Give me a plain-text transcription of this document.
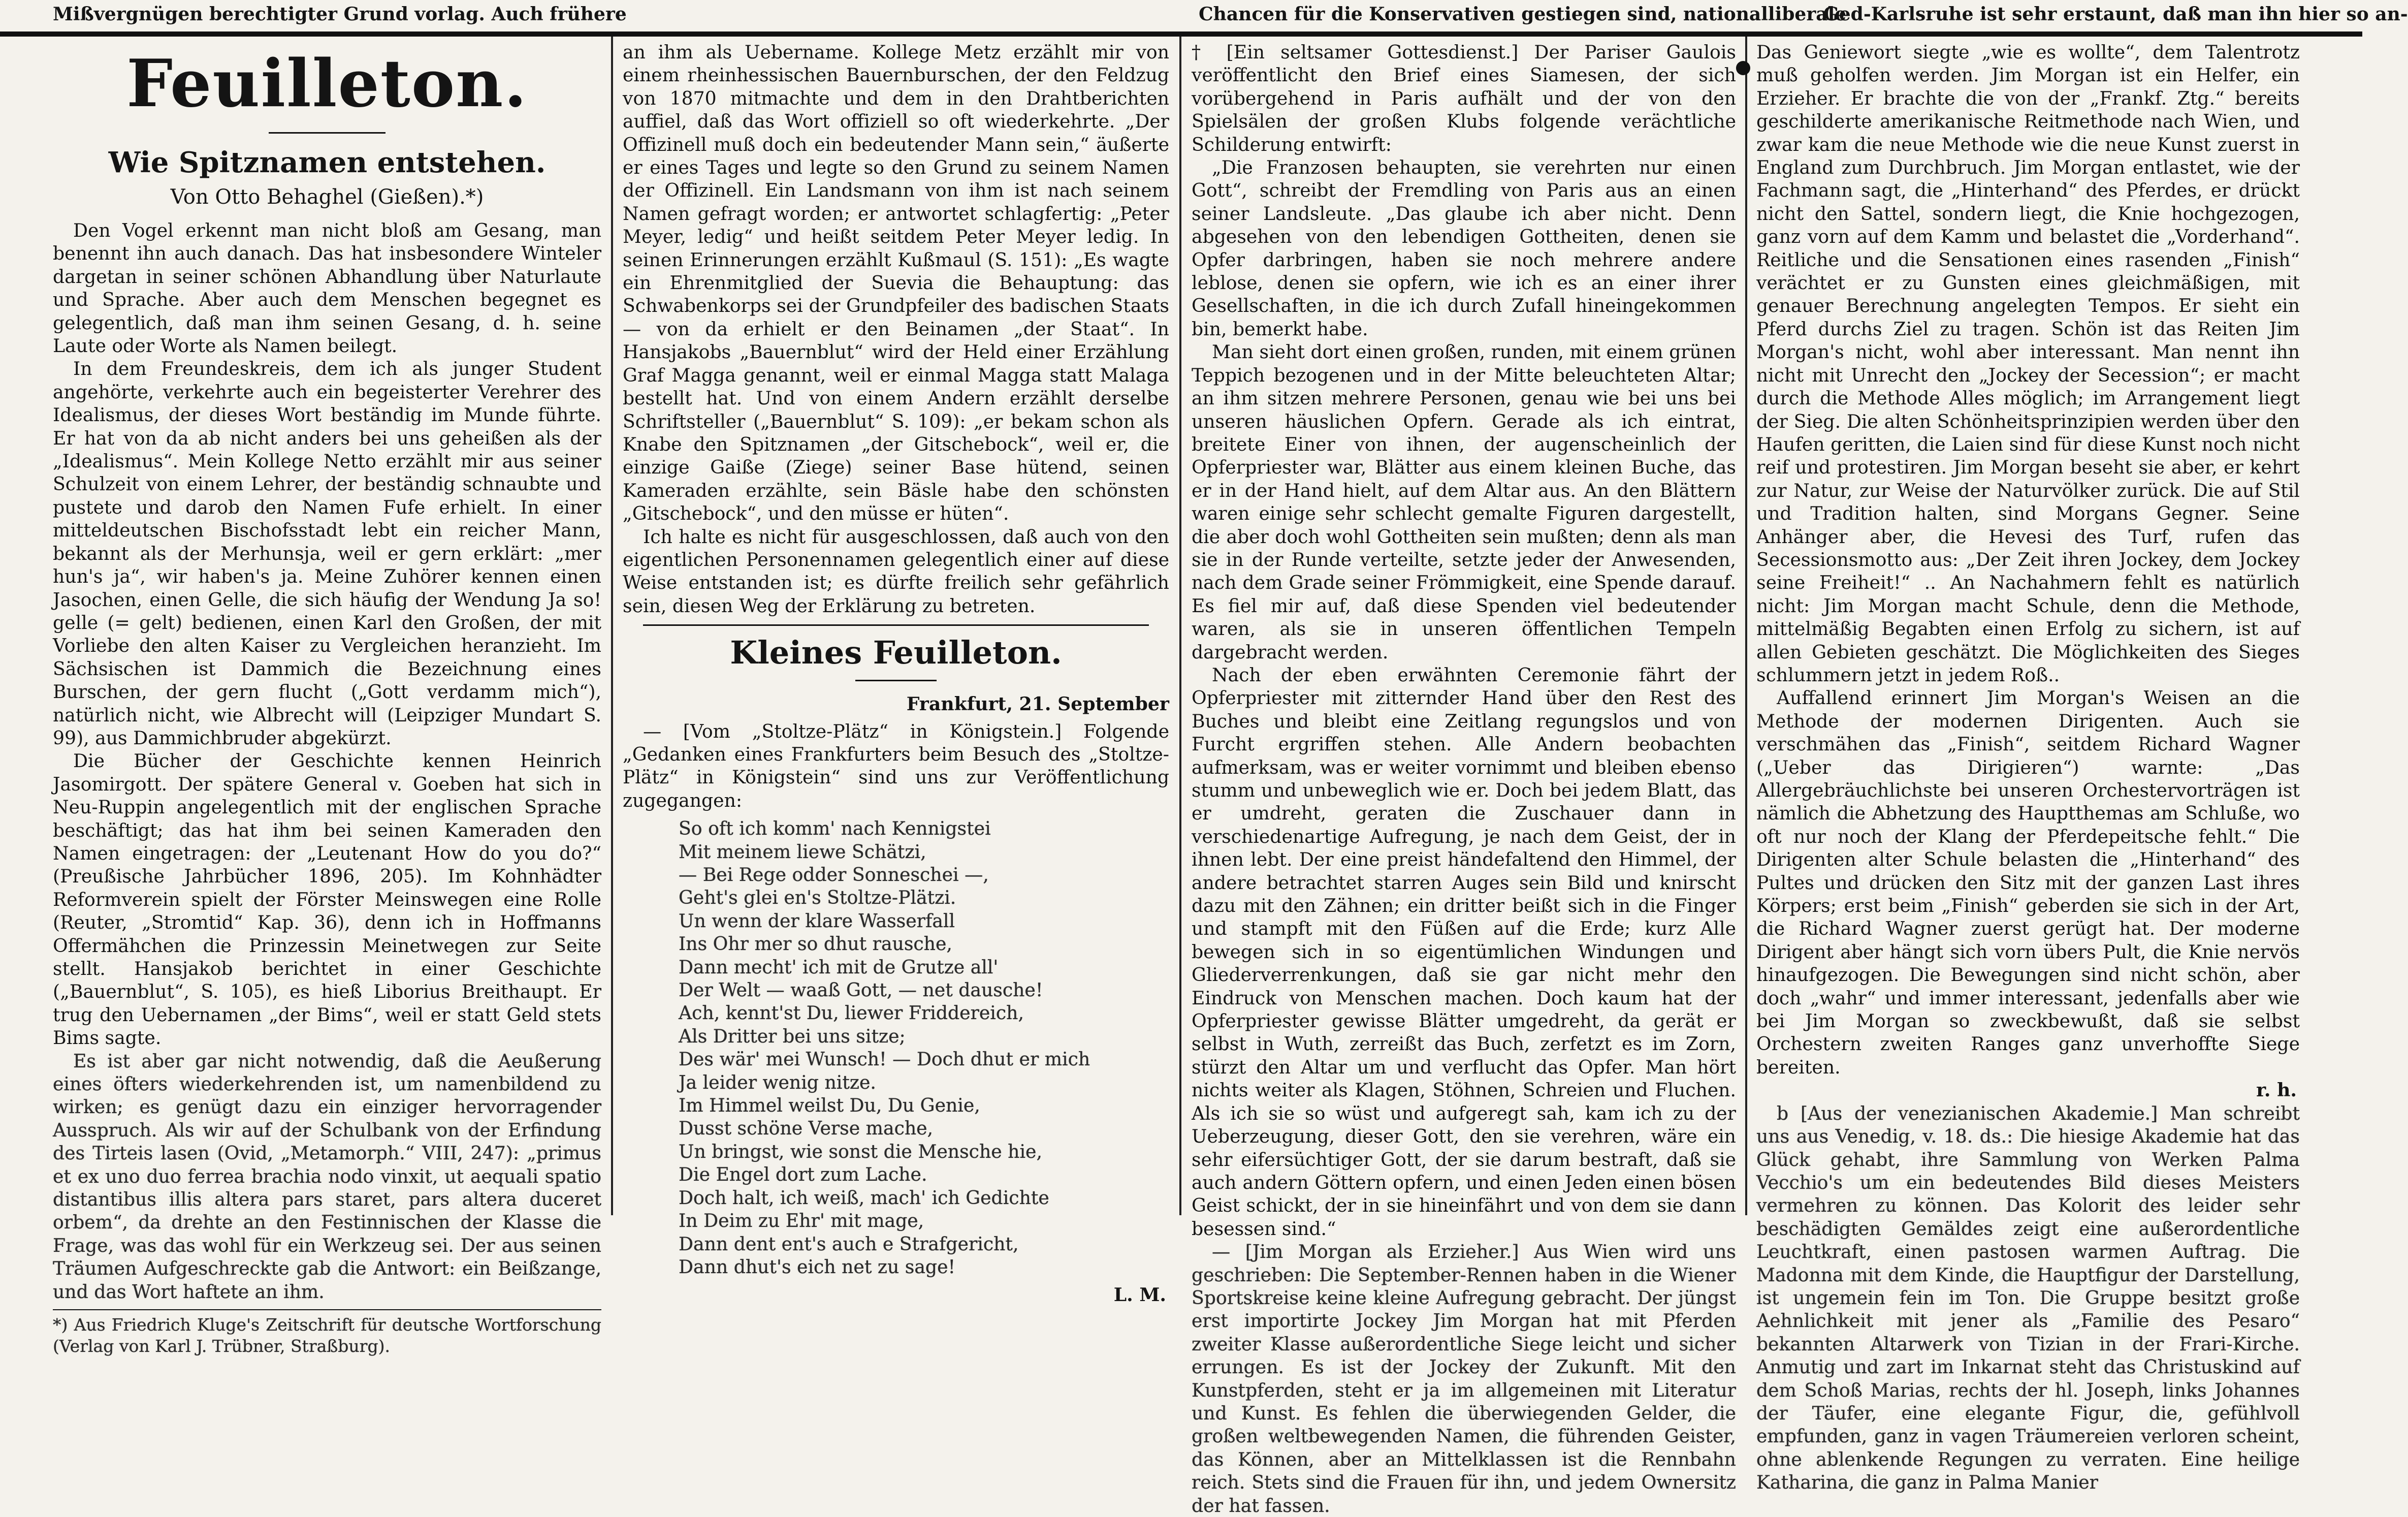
Mißvergnügen berechtigter Grund vorlag. Auch frühere	Chancen für die Konservativen gestiegen sind, nationalliberale
Ged-Karlsruhe ist sehr erstaunt, daß man ihn hier so an-
Feuilleton.
Wie Spitznamen entstehen.
Von Otto Behaghel (Gießen).*)

Den Vogel erkennt man nicht bloß am Gesang, man benennt ihn auch danach. Das hat insbesondere Winteler dargetan in seiner schönen Abhandlung über Naturlaute und Sprache. Aber auch dem Menschen begegnet es gelegentlich, daß man ihm seinen Gesang, d. h. seine Laute oder Worte als Namen beilegt.

In dem Freundeskreis, dem ich als junger Student angehörte, verkehrte auch ein begeisterter Verehrer des Idealismus, der dieses Wort beständig im Munde führte. Er hat von da ab nicht anders bei uns geheißen als der „Idealismus“. Mein Kollege Netto erzählt mir aus seiner Schulzeit von einem Lehrer, der beständig schnaubte und pustete und darob den Namen Fufe erhielt. In einer mitteldeutschen Bischofsstadt lebt ein reicher Mann, bekannt als der Merhunsja, weil er gern erklärt: „mer hun's ja“, wir haben's ja. Meine Zuhörer kennen einen Jasochen, einen Gelle, die sich häufig der Wendung Ja so! gelle (= gelt) bedienen, einen Karl den Großen, der mit Vorliebe den alten Kaiser zu Vergleichen heranzieht. Im Sächsischen ist Dammich die Bezeichnung eines Burschen, der gern flucht („Gott verdamm mich“), natürlich nicht, wie Albrecht will (Leipziger Mundart S. 99), aus Dammichbruder abgekürzt.

Die Bücher der Geschichte kennen Heinrich Jasomirgott. Der spätere General v. Goeben hat sich in Neu-Ruppin angelegentlich mit der englischen Sprache beschäftigt; das hat ihm bei seinen Kameraden den Namen eingetragen: der „Leutenant How do you do?“ (Preußische Jahrbücher 1896, 205). Im Kohnhädter Reformverein spielt der Förster Meinswegen eine Rolle (Reuter, „Stromtid“ Kap. 36), denn ich in Hoffmanns Offermähchen die Prinzessin Meinetwegen zur Seite stellt. Hansjakob berichtet in einer Geschichte („Bauernblut“, S. 105), es hieß Liborius Breithaupt. Er trug den Uebernamen „der Bims“, weil er statt Geld stets Bims sagte.

Es ist aber gar nicht notwendig, daß die Aeußerung eines öfters wiederkehrenden ist, um namenbildend zu wirken; es genügt dazu ein einziger hervorragender Ausspruch. Als wir auf der Schulbank von der Erfindung des Tirteis lasen (Ovid, „Metamorph.“ VIII, 247): „primus et ex uno duo ferrea brachia nodo vinxit, ut aequali spatio distantibus illis altera pars staret, pars altera duceret orbem“, da drehte an den Festinnischen der Klasse die Frage, was das wohl für ein Werkzeug sei. Der aus seinen Träumen Aufgeschreckte gab die Antwort: ein Beißzange, und das Wort haftete an ihm.

*) Aus Friedrich Kluge's Zeitschrift für deutsche Wortforschung (Verlag von Karl J. Trübner, Straßburg).

an ihm als Uebername. Kollege Metz erzählt mir von einem rheinhessischen Bauernburschen, der den Feldzug von 1870 mitmachte und dem in den Drahtberichten auffiel, daß das Wort offiziell so oft wiederkehrte. „Der Offizinell muß doch ein bedeutender Mann sein,“ äußerte er eines Tages und legte so den Grund zu seinem Namen der Offizinell. Ein Landsmann von ihm ist nach seinem Namen gefragt worden; er antwortet schlagfertig: „Peter Meyer, ledig“ und heißt seitdem Peter Meyer ledig. In seinen Erinnerungen erzählt Kußmaul (S. 151): „Es wagte ein Ehrenmitglied der Suevia die Behauptung: das Schwabenkorps sei der Grundpfeiler des badischen Staats — von da erhielt er den Beinamen „der Staat“. In Hansjakobs „Bauernblut“ wird der Held einer Erzählung Graf Magga genannt, weil er einmal Magga statt Malaga bestellt hat. Und von einem Andern erzählt derselbe Schriftsteller („Bauernblut“ S. 109): „er bekam schon als Knabe den Spitznamen „der Gitschebock“, weil er, die einzige Gaiße (Ziege) seiner Base hütend, seinen Kameraden erzählte, sein Bäsle habe den schönsten „Gitschebock“, und den müsse er hüten“.

Ich halte es nicht für ausgeschlossen, daß auch von den eigentlichen Personennamen gelegentlich einer auf diese Weise entstanden ist; es dürfte freilich sehr gefährlich sein, diesen Weg der Erklärung zu betreten.

Kleines Feuilleton.
Frankfurt, 21. September

— [Vom „Stoltze-Plätz“ in Königstein.] Folgende „Gedanken eines Frankfurters beim Besuch des „Stoltze-Plätz“ in Königstein“ sind uns zur Veröffentlichung zugegangen:

So oft ich komm' nach Kennigstei
Mit meinem liewe Schätzi,
— Bei Rege odder Sonneschei —,
Geht's glei en's Stoltze-Plätzi.
Un wenn der klare Wasserfall
Ins Ohr mer so dhut rausche,
Dann mecht' ich mit de Grutze all'
Der Welt — waaß Gott, — net dausche!
Ach, kennt'st Du, liewer Friddereich,
Als Dritter bei uns sitze;
Des wär' mei Wunsch! — Doch dhut er mich
Ja leider wenig nitze.
Im Himmel weilst Du, Du Genie,
Dusst schöne Verse mache,
Un bringst, wie sonst die Mensche hie,
Die Engel dort zum Lache.
Doch halt, ich weiß, mach' ich Gedichte
In Deim zu Ehr' mit mage,
Dann dent ent's auch e Strafgericht,
Dann dhut's eich net zu sage!
L. M.

† [Ein seltsamer Gottesdienst.] Der Pariser Gaulois veröffentlicht den Brief eines Siamesen, der sich vorübergehend in Paris aufhält und der von den Spielsälen der großen Klubs folgende verächtliche Schilderung entwirft:

„Die Franzosen behaupten, sie verehrten nur einen Gott“, schreibt der Fremdling von Paris aus an einen seiner Landsleute. „Das glaube ich aber nicht. Denn abgesehen von den lebendigen Gottheiten, denen sie Opfer darbringen, haben sie noch mehrere andere leblose, denen sie opfern, wie ich es an einer ihrer Gesellschaften, in die ich durch Zufall hineingekommen bin, bemerkt habe.

Man sieht dort einen großen, runden, mit einem grünen Teppich bezogenen und in der Mitte beleuchteten Altar; an ihm sitzen mehrere Personen, genau wie bei uns bei unseren häuslichen Opfern. Gerade als ich eintrat, breitete Einer von ihnen, der augenscheinlich der Opferpriester war, Blätter aus einem kleinen Buche, das er in der Hand hielt, auf dem Altar aus. An den Blättern waren einige sehr schlecht gemalte Figuren dargestellt, die aber doch wohl Gottheiten sein mußten; denn als man sie in der Runde verteilte, setzte jeder der Anwesenden, nach dem Grade seiner Frömmigkeit, eine Spende darauf. Es fiel mir auf, daß diese Spenden viel bedeutender waren, als sie in unseren öffentlichen Tempeln dargebracht werden.

Nach der eben erwähnten Ceremonie fährt der Opferpriester mit zitternder Hand über den Rest des Buches und bleibt eine Zeitlang regungslos und von Furcht ergriffen stehen. Alle Andern beobachten aufmerksam, was er weiter vornimmt und bleiben ebenso stumm und unbeweglich wie er. Doch bei jedem Blatt, das er umdreht, geraten die Zuschauer dann in verschiedenartige Aufregung, je nach dem Geist, der in ihnen lebt. Der eine preist händefaltend den Himmel, der andere betrachtet starren Auges sein Bild und knirscht dazu mit den Zähnen; ein dritter beißt sich in die Finger und stampft mit den Füßen auf die Erde; kurz Alle bewegen sich in so eigentümlichen Windungen und Gliederverrenkungen, daß sie gar nicht mehr den Eindruck von Menschen machen. Doch kaum hat der Opferpriester gewisse Blätter umgedreht, da gerät er selbst in Wuth, zerreißt das Buch, zerfetzt es im Zorn, stürzt den Altar um und verflucht das Opfer. Man hört nichts weiter als Klagen, Stöhnen, Schreien und Fluchen. Als ich sie so wüst und aufgeregt sah, kam ich zu der Ueberzeugung, dieser Gott, den sie verehren, wäre ein sehr eifersüchtiger Gott, der sie darum bestraft, daß sie auch andern Göttern opfern, und einen Jeden einen bösen Geist schickt, der in sie hineinfährt und von dem sie dann besessen sind.“

— [Jim Morgan als Erzieher.] Aus Wien wird uns geschrieben: Die September-Rennen haben in die Wiener Sportskreise keine kleine Aufregung gebracht. Der jüngst erst importirte Jockey Jim Morgan hat mit Pferden zweiter Klasse außerordentliche Siege leicht und sicher errungen. Es ist der Jockey der Zukunft. Mit den Kunstpferden, steht er ja im allgemeinen mit Literatur und Kunst. Es fehlen die überwiegenden Gelder, die großen weltbewegenden Namen, die führenden Geister, das Können, aber an Mittelklassen ist die Rennbahn reich. Stets sind die Frauen für ihn, und jedem Ownersitz der hat fassen.

Das Geniewort siegte „wie es wollte“, dem Talentrotz muß geholfen werden. Jim Morgan ist ein Helfer, ein Erzieher. Er brachte die von der „Frankf. Ztg.“ bereits geschilderte amerikanische Reitmethode nach Wien, und zwar kam die neue Methode wie die neue Kunst zuerst in England zum Durchbruch. Jim Morgan entlastet, wie der Fachmann sagt, die „Hinterhand“ des Pferdes, er drückt nicht den Sattel, sondern liegt, die Knie hochgezogen, ganz vorn auf dem Kamm und belastet die „Vorderhand“. Reitliche und die Sensationen eines rasenden „Finish“ verächtet er zu Gunsten eines gleichmäßigen, mit genauer Berechnung angelegten Tempos. Er sieht ein Pferd durchs Ziel zu tragen. Schön ist das Reiten Jim Morgan's nicht, wohl aber interessant. Man nennt ihn nicht mit Unrecht den „Jockey der Secession“; er macht durch die Methode Alles möglich; im Arrangement liegt der Sieg. Die alten Schönheitsprinzipien werden über den Haufen geritten, die Laien sind für diese Kunst noch nicht reif und protestiren. Jim Morgan beseht sie aber, er kehrt zur Natur, zur Weise der Naturvölker zurück. Die auf Stil und Tradition halten, sind Morgans Gegner. Seine Anhänger aber, die Hevesi des Turf, rufen das Secessionsmotto aus: „Der Zeit ihren Jockey, dem Jockey seine Freiheit!“ .. An Nachahmern fehlt es natürlich nicht: Jim Morgan macht Schule, denn die Methode, mittelmäßig Begabten einen Erfolg zu sichern, ist auf allen Gebieten geschätzt. Die Möglichkeiten des Sieges schlummern jetzt in jedem Roß..

Auffallend erinnert Jim Morgan's Weisen an die Methode der modernen Dirigenten. Auch sie verschmähen das „Finish“, seitdem Richard Wagner („Ueber das Dirigieren“) warnte: „Das Allergebräuchlichste bei unseren Orchestervorträgen ist nämlich die Abhetzung des Hauptthemas am Schluße, wo oft nur noch der Klang der Pferdepeitsche fehlt.“ Die Dirigenten alter Schule belasten die „Hinterhand“ des Pultes und drücken den Sitz mit der ganzen Last ihres Körpers; erst beim „Finish“ geberden sie sich in der Art, die Richard Wagner zuerst gerügt hat. Der moderne Dirigent aber hängt sich vorn übers Pult, die Knie nervös hinaufgezogen. Die Bewegungen sind nicht schön, aber doch „wahr“ und immer interessant, jedenfalls aber wie bei Jim Morgan so zweckbewußt, daß sie selbst Orchestern zweiten Ranges ganz unverhoffte Siege bereiten.

r. h.

b [Aus der venezianischen Akademie.] Man schreibt uns aus Venedig, v. 18. ds.: Die hiesige Akademie hat das Glück gehabt, ihre Sammlung von Werken Palma Vecchio's um ein bedeutendes Bild dieses Meisters vermehren zu können. Das Kolorit des leider sehr beschädigten Gemäldes zeigt eine außerordentliche Leuchtkraft, einen pastosen warmen Auftrag. Die Madonna mit dem Kinde, die Hauptfigur der Darstellung, ist ungemein fein im Ton. Die Gruppe besitzt große Aehnlichkeit mit jener als „Familie des Pesaro“ bekannten Altarwerk von Tizian in der Frari-Kirche. Anmutig und zart im Inkarnat steht das Christuskind auf dem Schoß Marias, rechts der hl. Joseph, links Johannes der Täufer, eine elegante Figur, die, gefühlvoll empfunden, ganz in vagen Träumereien verloren scheint, ohne ablenkende Regungen zu verraten. Eine heilige Katharina, die ganz in Palma Manier
